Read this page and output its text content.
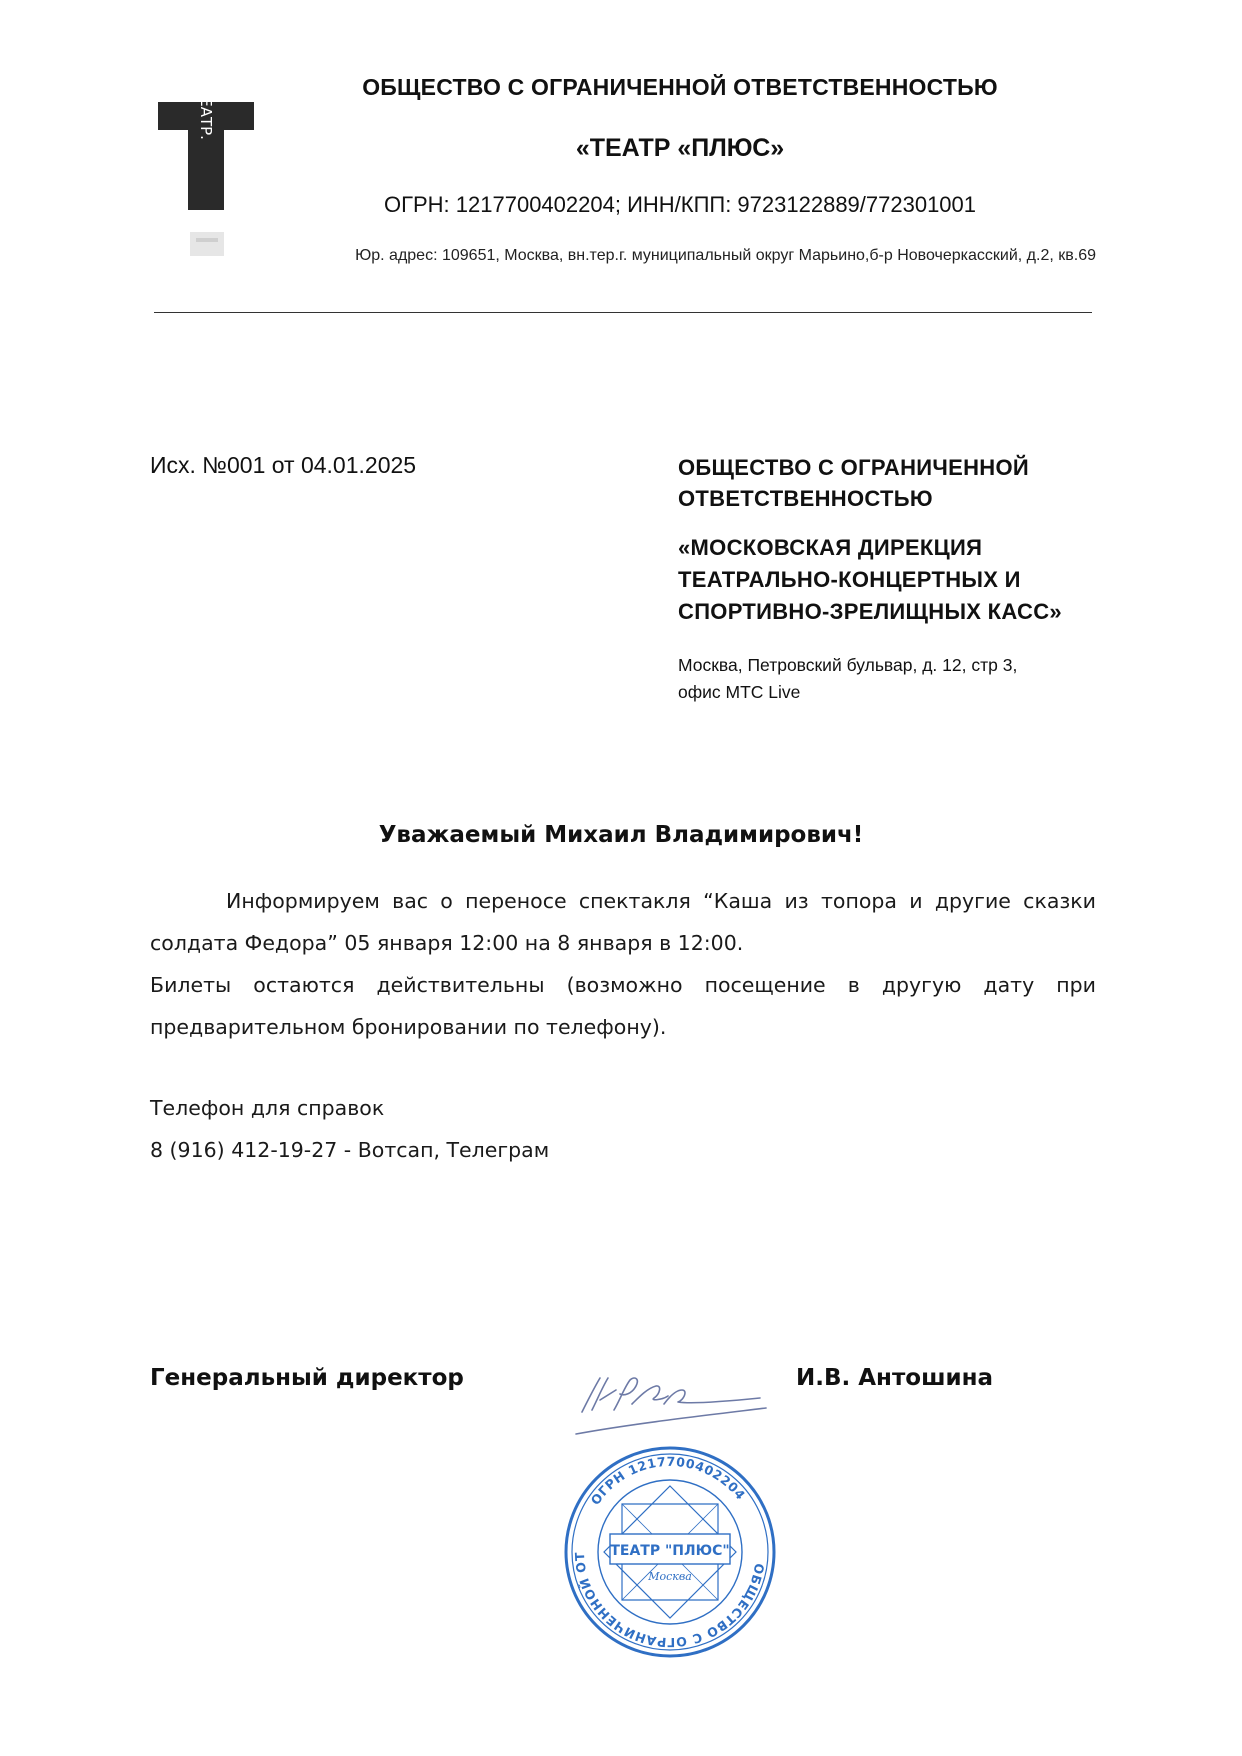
ТЕАТР.
ОБЩЕСТВО С ОГРАНИЧЕННОЙ ОТВЕТСТВЕННОСТЬЮ
«ТЕАТР «ПЛЮС»
ОГРН: 1217700402204; ИНН/КПП: 9723122889/772301001
Юр. адрес: 109651, Москва, вн.тер.г. муниципальный округ Марьино,б-р Новочеркасский, д.2, кв.69
Исх. №001 от 04.01.2025	ОБЩЕСТВО С ОГРАНИЧЕННОЙ
ОТВЕТСТВЕННОСТЬЮ
«МОСКОВСКАЯ ДИРЕКЦИЯ
ТЕАТРАЛЬНО-КОНЦЕРТНЫХ И
СПОРТИВНО-ЗРЕЛИЩНЫХ КАСС»
Москва, Петровский бульвар, д. 12, стр 3,
офис МТС Live
Уважаемый Михаил Владимирович!

Информируем вас о переносе спектакля “Каша из топора и другие сказки солдата Федора” 05 января 12:00 на 8 января в 12:00.

Билеты остаются действительны (возможно посещение в другую дату при предварительном бронировании по телефону).

Телефон для справок
8 (916) 412-19-27 - Вотсап, Телеграм
Генеральный директор	И.В. Антошина
ОБЩЕСТВО С ОГРАНИЧЕННОЙ ОТ
ОГРН 1217700402204
ТЕАТР "ПЛЮС"
Москва
